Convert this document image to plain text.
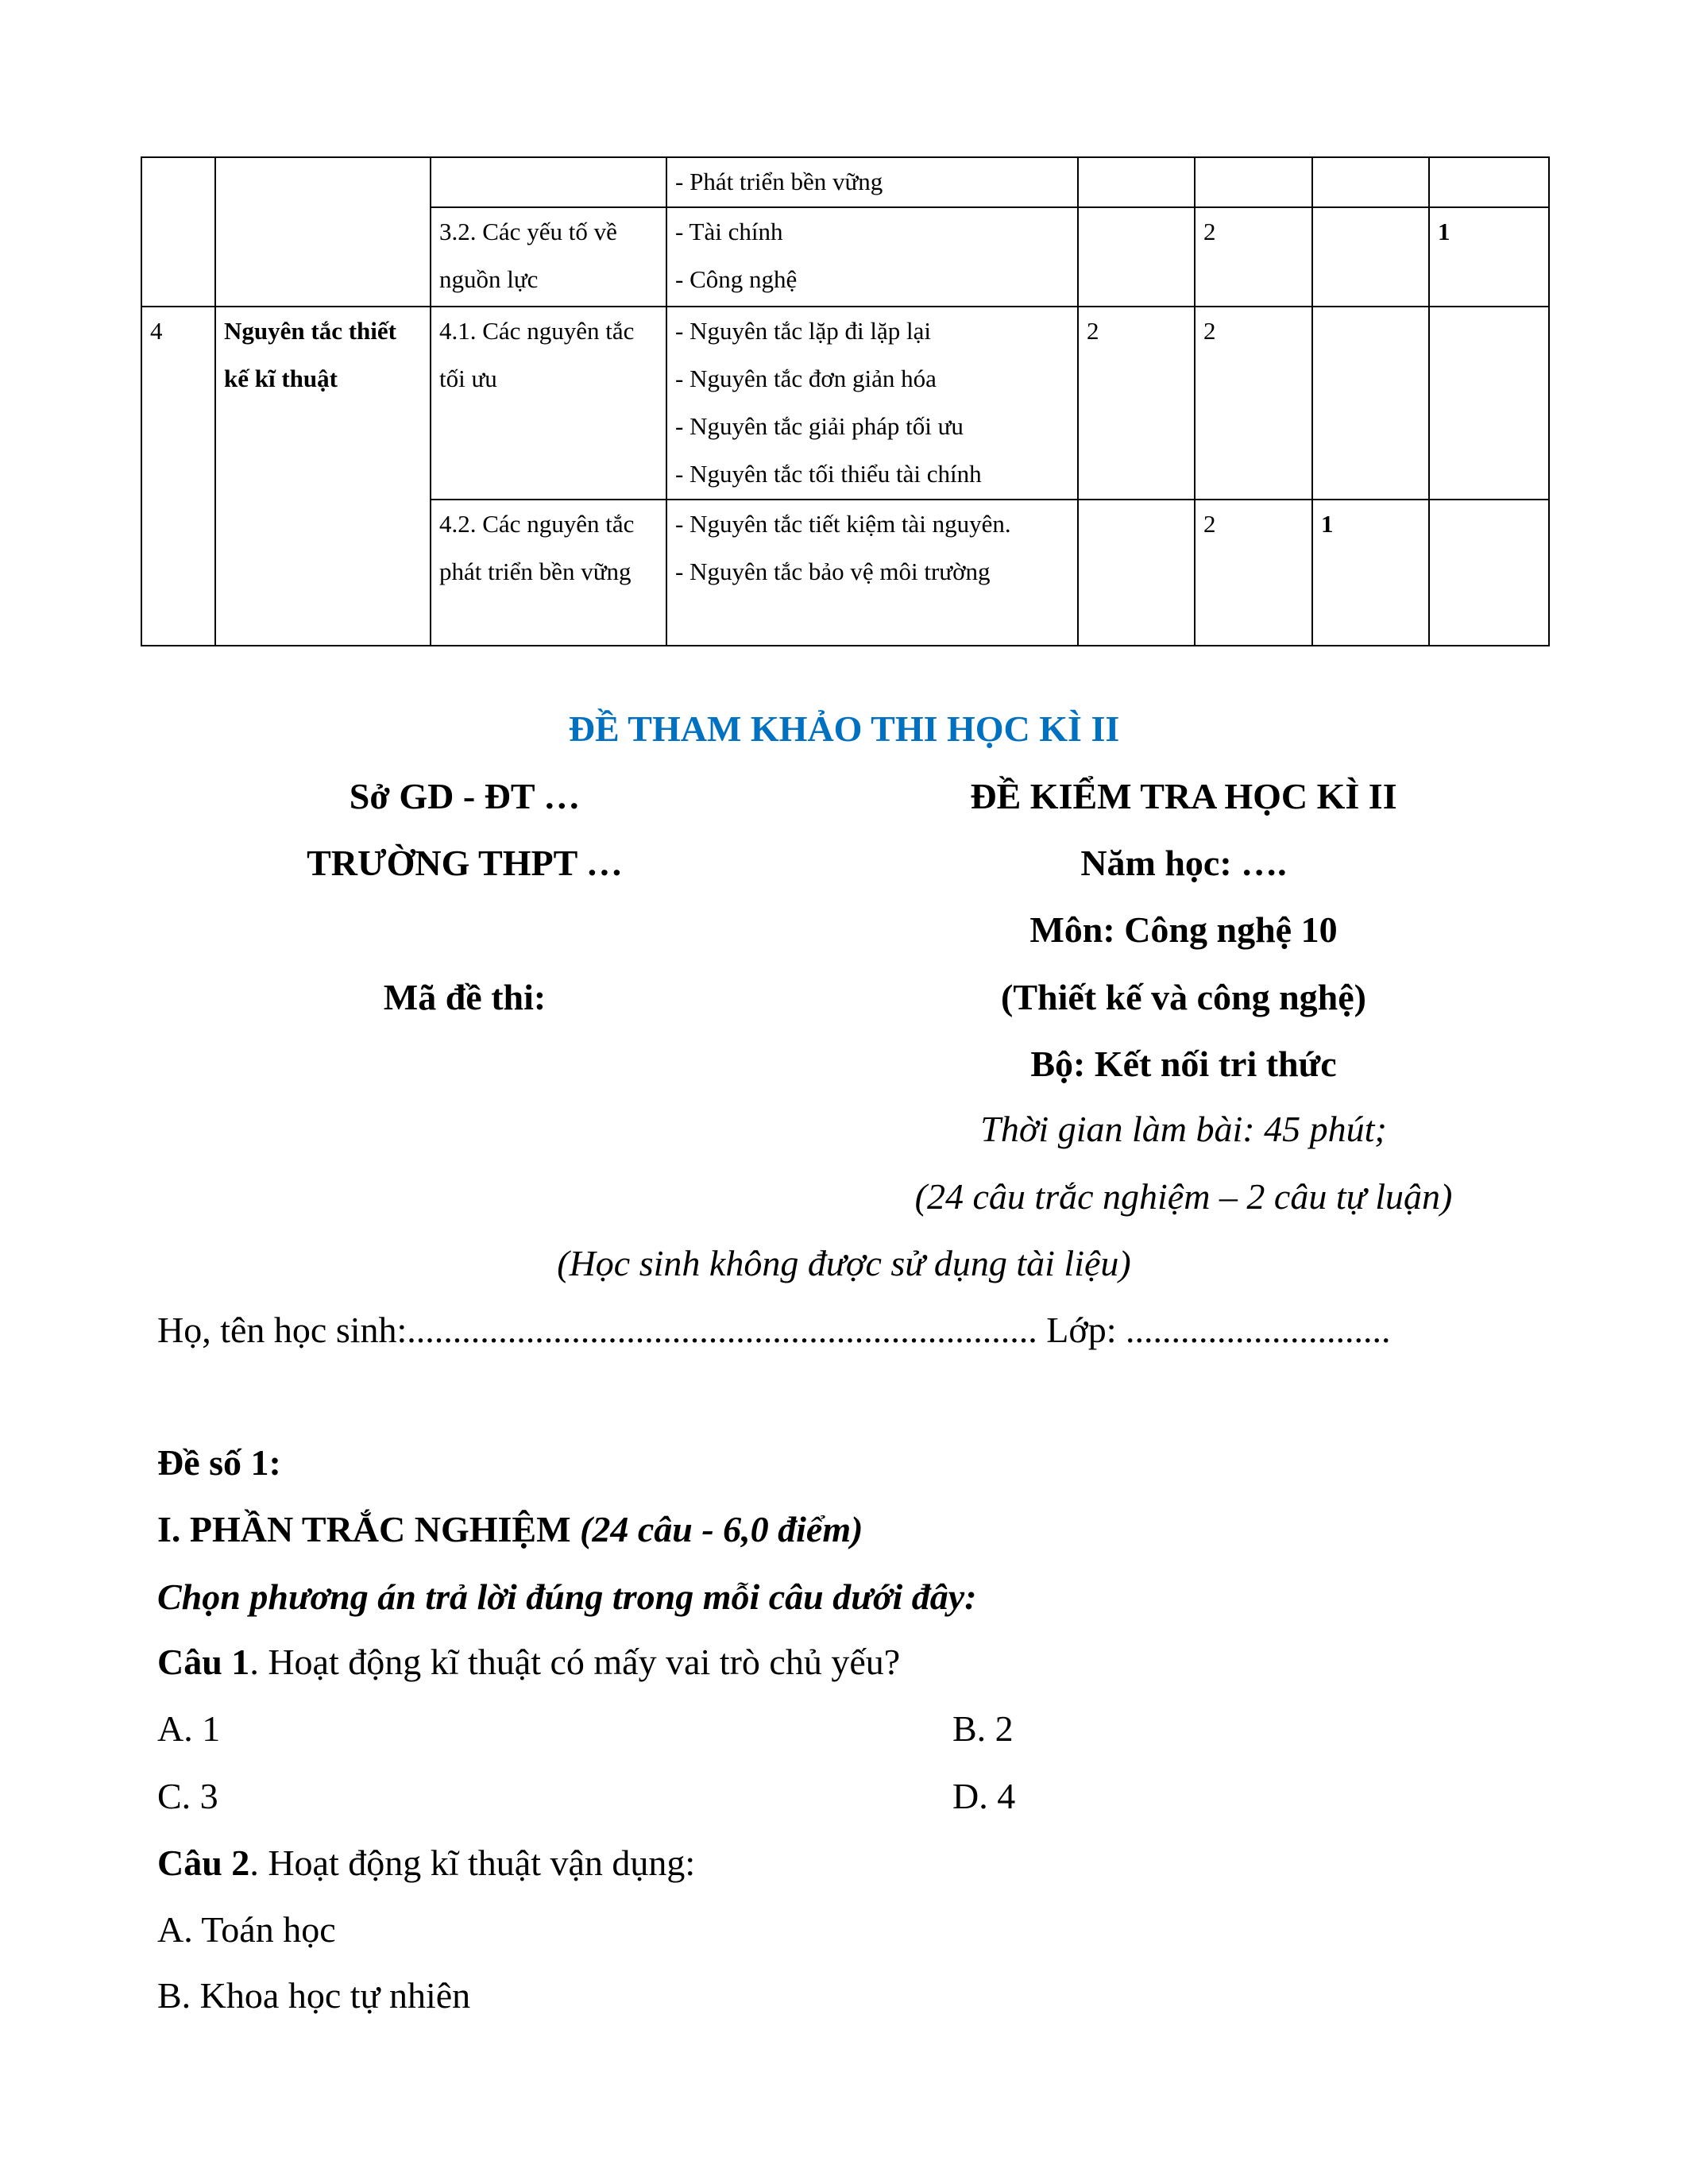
			- Phát triển bền vững				

		3.2. Các yếu tố về nguồn lực	- Tài chính
- Công nghệ		2		1
4	Nguyên tắc thiết kế kĩ thuật	4.1. Các nguyên tắc tối ưu	- Nguyên tắc lặp đi lặp lại
- Nguyên tắc đơn giản hóa
- Nguyên tắc giải pháp tối ưu
- Nguyên tắc tối thiểu tài chính	2	2		
		4.2. Các nguyên tắc phát triển bền vững	- Nguyên tắc tiết kiệm tài nguyên.
- Nguyên tắc bảo vệ môi trường		2	1	
ĐỀ THAM KHẢO THI HỌC KÌ II
Sở GD - ĐT …	ĐỀ KIỂM TRA HỌC KÌ II
TRƯỜNG THPT …	Năm học: ….
Môn: Công nghệ 10
Mã đề thi:	(Thiết kế và công nghệ)
Bộ: Kết nối tri thức
Thời gian làm bài: 45 phút;
(24 câu trắc nghiệm – 2 câu tự luận)
(Học sinh không được sử dụng tài liệu)
Họ, tên học sinh:..................................................................... Lớp: .............................
Đề số 1:
I. PHẦN TRẮC NGHIỆM (24 câu - 6,0 điểm)
Chọn phương án trả lời đúng trong mỗi câu dưới đây:
Câu 1. Hoạt động kĩ thuật có mấy vai trò chủ yếu?
A. 1	B. 2
C. 3	D. 4
Câu 2. Hoạt động kĩ thuật vận dụng:
A. Toán học
B. Khoa học tự nhiên
